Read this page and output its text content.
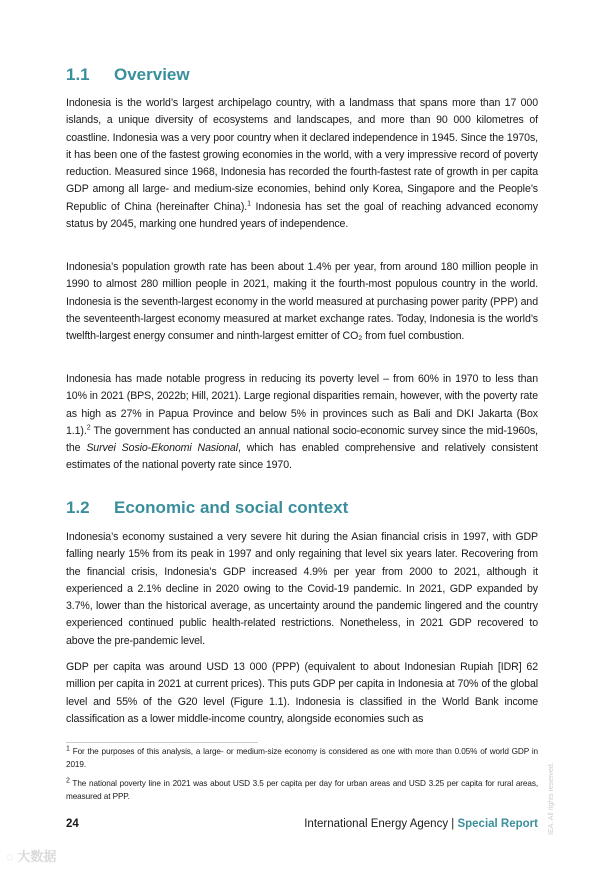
1.1	Overview

Indonesia is the world’s largest archipelago country, with a landmass that spans more than 17 000 islands, a unique diversity of ecosystems and landscapes, and more than 90 000 kilometres of coastline. Indonesia was a very poor country when it declared independence in 1945. Since the 1970s, it has been one of the fastest growing economies in the world, with a very impressive record of poverty reduction. Measured since 1968, Indonesia has recorded the fourth-fastest rate of growth in per capita GDP among all large- and medium-size economies, behind only Korea, Singapore and the People’s Republic of China (hereinafter China).$^1$ Indonesia has set the goal of reaching advanced economy status by 2045, marking one hundred years of independence.

Indonesia’s population growth rate has been about 1.4% per year, from around 180 million people in 1990 to almost 280 million people in 2021, making it the fourth-most populous country in the world. Indonesia is the seventh-largest economy in the world measured at purchasing power parity (PPP) and the seventeenth-largest economy measured at market exchange rates. Today, Indonesia is the world’s twelfth-largest energy consumer and ninth-largest emitter of CO₂ from fuel combustion.

Indonesia has made notable progress in reducing its poverty level – from 60% in 1970 to less than 10% in 2021 (BPS, 2022b; Hill, 2021). Large regional disparities remain, however, with the poverty rate as high as 27% in Papua Province and below 5% in provinces such as Bali and DKI Jakarta (Box 1.1).$^2$ The government has conducted an annual national socio-economic survey since the mid-1960s, the Survei Sosio-Ekonomi Nasional, which has enabled comprehensive and relatively consistent estimates of the national poverty rate since 1970.

1.2	Economic and social context

Indonesia’s economy sustained a very severe hit during the Asian financial crisis in 1997, with GDP falling nearly 15% from its peak in 1997 and only regaining that level six years later. Recovering from the financial crisis, Indonesia’s GDP increased 4.9% per year from 2000 to 2021, although it experienced a 2.1% decline in 2020 owing to the Covid-19 pandemic. In 2021, GDP expanded by 3.7%, lower than the historical average, as uncertainty around the pandemic lingered and the country experienced continued public health-related restrictions. Nonetheless, in 2021 GDP recovered to above the pre-pandemic level.

GDP per capita was around USD 13 000 (PPP) (equivalent to about Indonesian Rupiah [IDR] 62 million per capita in 2021 at current prices). This puts GDP per capita in Indonesia at 70% of the global level and 55% of the G20 level (Figure 1.1). Indonesia is classified in the World Bank income classification as a lower middle-income country, alongside economies such as

$^1$ For the purposes of this analysis, a large- or medium-size economy is considered as one with more than 0.05% of world GDP in 2019.

$^2$ The national poverty line in 2021 was about USD 3.5 per capita per day for urban areas and USD 3.25 per capita for rural areas, measured at PPP.

24	International Energy Agency | Special Report IEA. All rights reserved.
◌ 大数据
